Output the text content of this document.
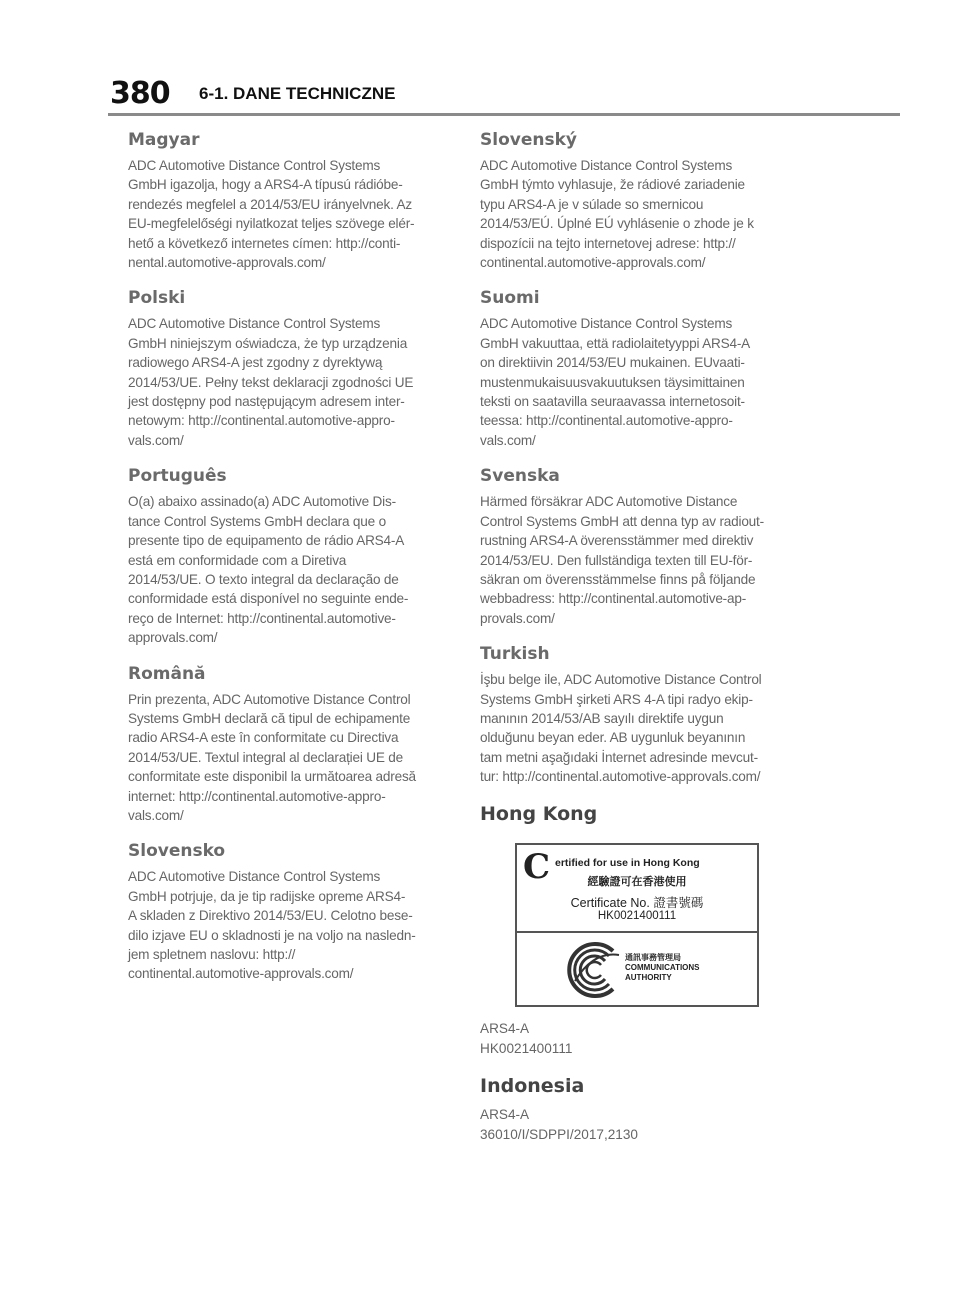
380 6-1. DANE TECHNICZNE
Magyar
ADC Automotive Distance Control Systems
GmbH igazolja, hogy a ARS4-A típusú rádióbe-
rendezés megfelel a 2014/53/EU irányelvnek. Az
EU-megfelelőségi nyilatkozat teljes szövege elér-
hető a következő internetes címen: http://conti-
nental.automotive-approvals.com/
Polski
ADC Automotive Distance Control Systems
GmbH niniejszym oświadcza, że typ urządzenia
radiowego ARS4-A jest zgodny z dyrektywą
2014/53/UE. Pełny tekst deklaracji zgodności UE
jest dostępny pod następującym adresem inter-
netowym: http://continental.automotive-appro-
vals.com/
Português
O(a) abaixo assinado(a) ADC Automotive Dis-
tance Control Systems GmbH declara que o
presente tipo de equipamento de rádio ARS4-A
está em conformidade com a Diretiva
2014/53/UE. O texto integral da declaração de
conformidade está disponível no seguinte ende-
reço de Internet: http://continental.automotive-
approvals.com/
Română
Prin prezenta, ADC Automotive Distance Control
Systems GmbH declară că tipul de echipamente
radio ARS4-A este în conformitate cu Directiva
2014/53/UE. Textul integral al declarației UE de
conformitate este disponibil la următoarea adresă
internet: http://continental.automotive-appro-
vals.com/
Slovensko
ADC Automotive Distance Control Systems
GmbH potrjuje, da je tip radijske opreme ARS4-
A skladen z Direktivo 2014/53/EU. Celotno bese-
dilo izjave EU o skladnosti je na voljo na nasledn-
jem spletnem naslovu: http://
continental.automotive-approvals.com/
Slovenský
ADC Automotive Distance Control Systems
GmbH týmto vyhlasuje, že rádiové zariadenie
typu ARS4-A je v súlade so smernicou
2014/53/EÚ. Úplné EÚ vyhlásenie o zhode je k
dispozícii na tejto internetovej adrese: http://
continental.automotive-approvals.com/
Suomi
ADC Automotive Distance Control Systems
GmbH vakuuttaa, että radiolaitetyyppi ARS4-A
on direktiivin 2014/53/EU mukainen. EUvaati-
mustenmukaisuusvakuutuksen täysimittainen
teksti on saatavilla seuraavassa internetosoit-
teessa: http://continental.automotive-appro-
vals.com/
Svenska
Härmed försäkrar ADC Automotive Distance
Control Systems GmbH att denna typ av radiout-
rustning ARS4-A överensstämmer med direktiv
2014/53/EU. Den fullständiga texten till EU-för-
säkran om överensstämmelse finns på följande
webbadress: http://continental.automotive-ap-
provals.com/
Turkish
İşbu belge ile, ADC Automotive Distance Control
Systems GmbH şirketi ARS 4-A tipi radyo ekip-
manının 2014/53/AB sayılı direktife uygun
olduğunu beyan eder. AB uygunluk beyanının
tam metni aşağıdaki İnternet adresinde mevcut-
tur: http://continental.automotive-approvals.com/
Hong Kong
C ertified for use in Hong Kong
經驗證可在香港使用
Certificate No. 證書號碼
HK0021400111
通訊事務管理局
COMMUNICATIONS
AUTHORITY
ARS4-A
HK0021400111
Indonesia
ARS4-A
36010/I/SDPPI/2017,2130
